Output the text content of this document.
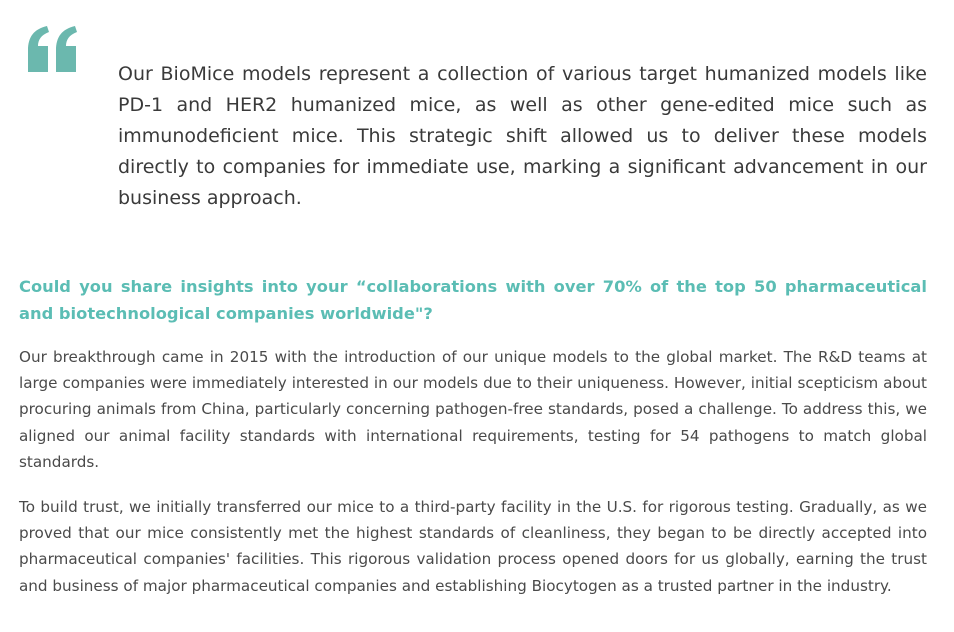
Our BioMice models represent a collection of various target humanized models like PD-1 and HER2 humanized mice, as well as other gene-edited mice such as immunodeficient mice. This strategic shift allowed us to deliver these models directly to companies for immediate use, marking a significant advancement in our business approach.

Could you share insights into your “collaborations with over 70% of the top 50 pharmaceutical and biotechnological companies worldwide"?

Our breakthrough came in 2015 with the introduction of our unique models to the global market. The R&D teams at large companies were immediately interested in our models due to their uniqueness. However, initial scepticism about procuring animals from China, particularly concerning pathogen-free standards, posed a challenge. To address this, we aligned our animal facility standards with international requirements, testing for 54 pathogens to match global standards.

To build trust, we initially transferred our mice to a third-party facility in the U.S. for rigorous testing. Gradually, as we proved that our mice consistently met the highest standards of cleanliness, they began to be directly accepted into pharmaceutical companies' facilities. This rigorous validation process opened doors for us globally, earning the trust and business of major pharmaceutical companies and establishing Biocytogen as a trusted partner in the industry.
